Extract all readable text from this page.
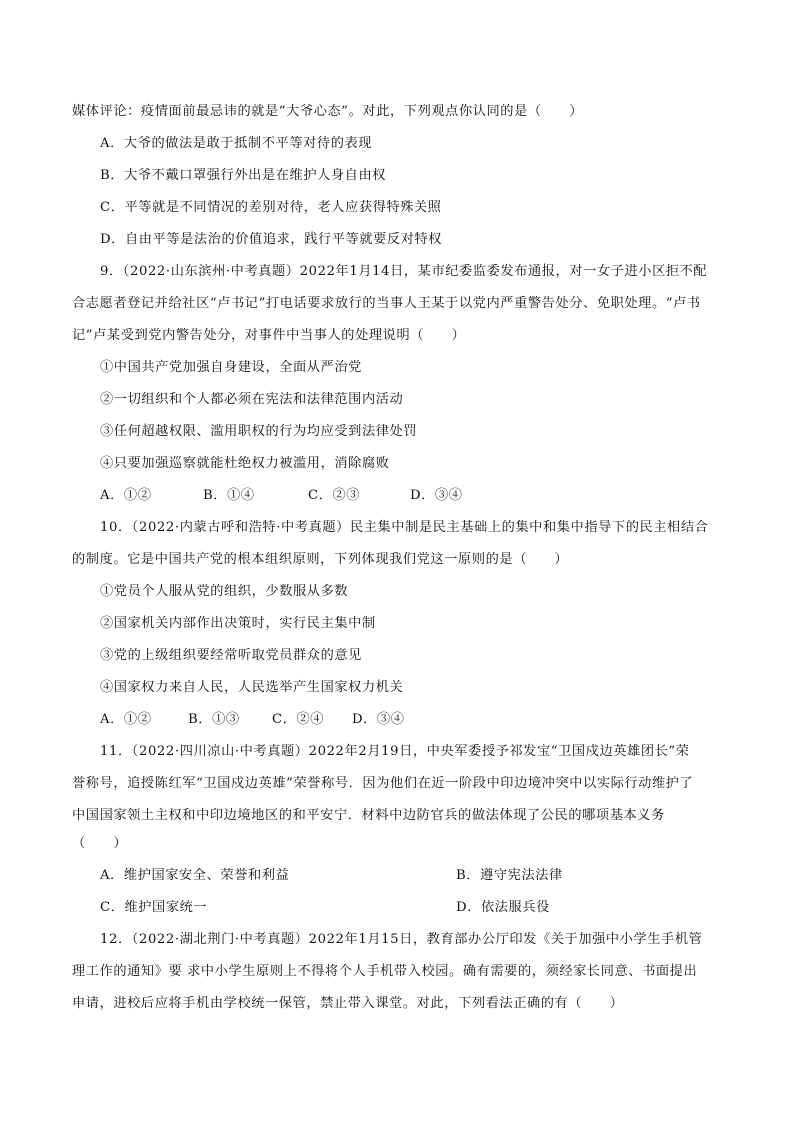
媒体评论：疫情面前最忌讳的就是“大爷心态”。对此，下列观点你认同的是（　　）
A．大爷的做法是敢于抵制不平等对待的表现
B．大爷不戴口罩强行外出是在维护人身自由权
C．平等就是不同情况的差别对待，老人应获得特殊关照
D．自由平等是法治的价值追求，践行平等就要反对特权
9．（2022·山东滨州·中考真题）2022年1月14日，某市纪委监委发布通报，对一女子进小区拒不配
合志愿者登记并给社区“卢书记”打电话要求放行的当事人王某于以党内严重警告处分、免职处理。“卢书
记”卢某受到党内警告处分，对事件中当事人的处理说明（　　）
①中国共产党加强自身建设，全面从严治党
②一切组织和个人都必须在宪法和法律范围内活动
③任何超越权限、滥用职权的行为均应受到法律处罚
④只要加强巡察就能杜绝权力被滥用，消除腐败
A．①②	B．①④	C．②③	D．③④
10．（2022·内蒙古呼和浩特·中考真题）民主集中制是民主基础上的集中和集中指导下的民主相结合
的制度。它是中国共产党的根本组织原则，下列体现我们党这一原则的是（　　）
①党员个人服从党的组织，少数服从多数
②国家机关内部作出决策时，实行民主集中制
③党的上级组织要经常听取党员群众的意见
④国家权力来自人民，人民选举产生国家权力机关
A．①②	B．①③ C．②④ D．③④
11．（2022·四川凉山·中考真题）2022年2月19日，中央军委授予祁发宝“卫国戍边英雄团长”荣
誉称号，追授陈红军“卫国戍边英雄”荣誉称号．因为他们在近一阶段中印边境冲突中以实际行动维护了
中国国家领土主权和中印边境地区的和平安宁．材料中边防官兵的做法体现了公民的哪项基本义务
（　　）
A．维护国家安全、荣誉和利益	B．遵守宪法法律
C．维护国家统一	D．依法服兵役
12．（2022·湖北荆门·中考真题）2022年1月15日，教育部办公厅印发《关于加强中小学生手机管
理工作的通知》要 求中小学生原则上不得将个人手机带入校园。确有需要的，须经家长同意、书面提出
申请，进校后应将手机由学校统一保管，禁止带入课堂。对此，下列看法正确的有（　　）
